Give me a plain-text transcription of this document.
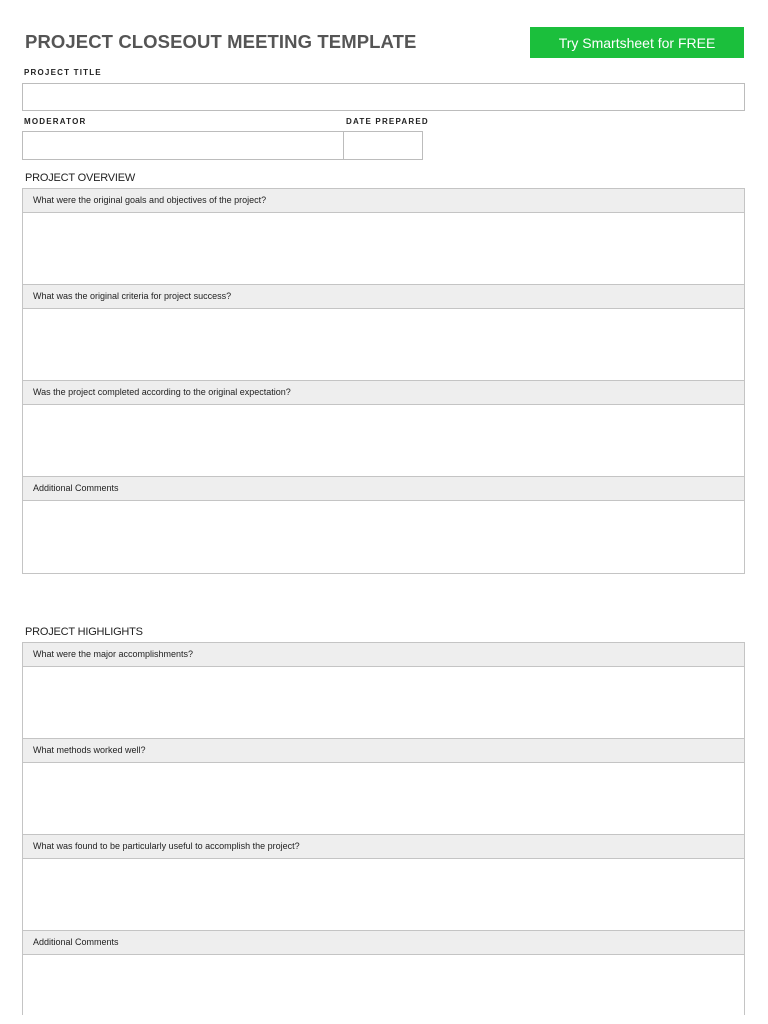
PROJECT CLOSEOUT MEETING TEMPLATE	Try Smartsheet for FREE
PROJECT TITLE
MODERATOR	DATE PREPARED
PROJECT OVERVIEW
What were the original goals and objectives of the project?
What was the original criteria for project success?
Was the project completed according to the original expectation?
Additional Comments
PROJECT HIGHLIGHTS
What were the major accomplishments?
What methods worked well?
What was found to be particularly useful to accomplish the project?
Additional Comments
